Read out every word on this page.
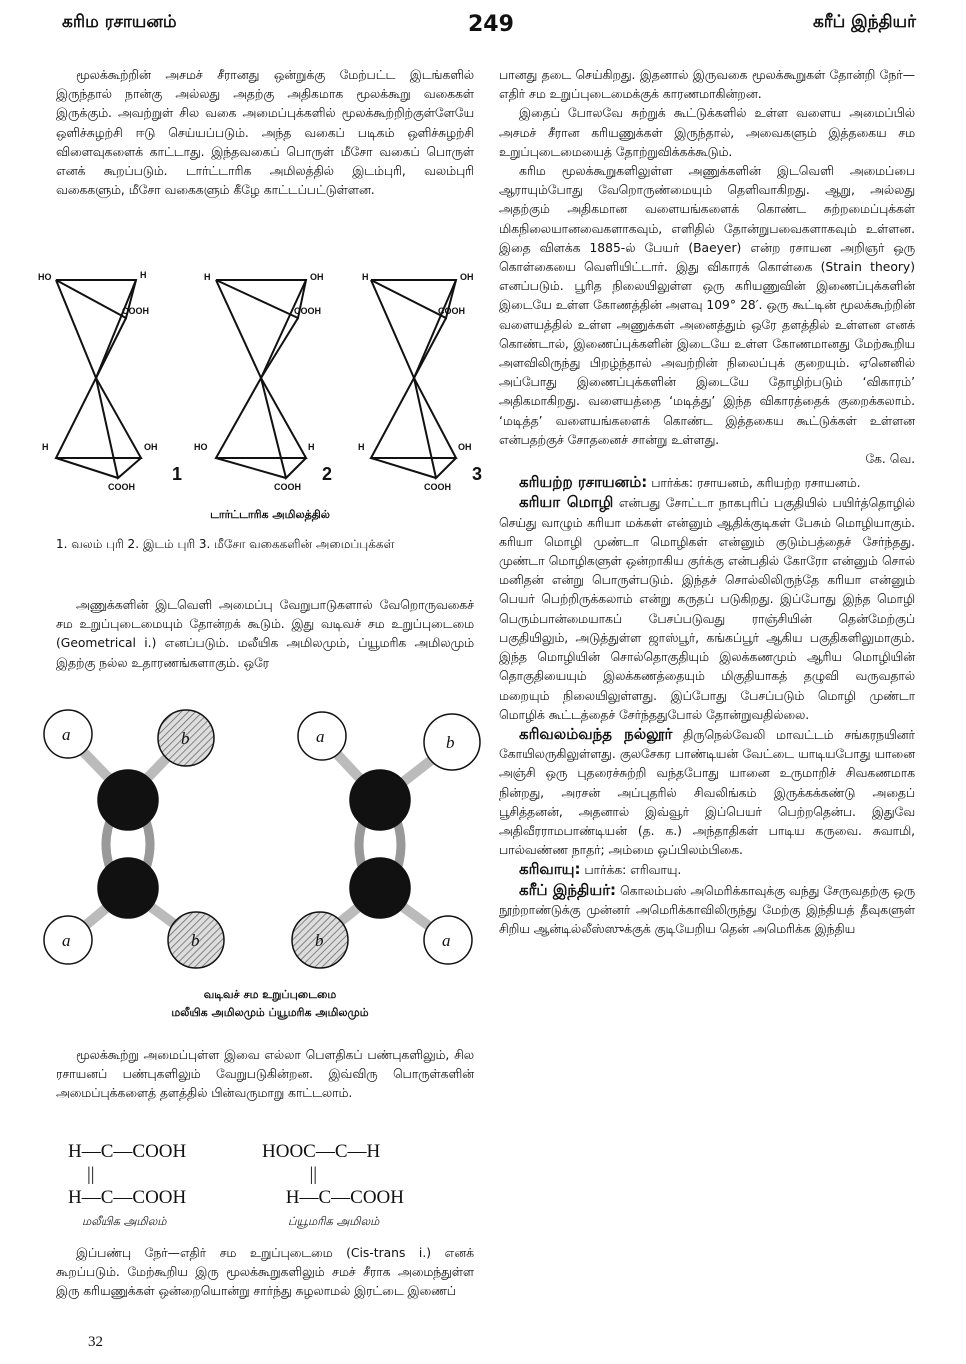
கரிம ரசாயனம்	249	கரீப் இந்தியர்

மூலக்கூற்றின் அசமச் சீரானது ஒன்றுக்கு மேற்பட்ட இடங்களில் இருந்தால் நான்கு அல்லது அதற்கு அதிகமாக மூலக்கூறு வகைகள் இருக்கும். அவற்றுள் சில வகை அமைப்புக்களில் மூலக்கூற்றிற்குள்ளேயே ஒளிச்சுழற்சி ஈடு செய்யப்படும். அந்த வகைப் படிகம் ஒளிச்சுழற்சி விளைவுகளைக் காட்டாது. இந்தவகைப் பொருள் மீசோ வகைப் பொருள் எனக் கூறப்படும். டார்ட்டாரிக அமிலத்தில் இடம்புரி, வலம்புரி வகைகளும், மீசோ வகைகளும் கீழே காட்டப்பட்டுள்ளன.

HO	H
COOH
H	OH
COOH
1
H	OH
COOH
HO	H
COOH
2
H	OH
COOH
H	OH
COOH
3
டார்ட்டாரிக அமிலத்தில்
1. வலம் புரி 2. இடம் புரி 3. மீசோ வகைகளின் அமைப்புக்கள்

அணுக்களின் இடவெளி அமைப்பு வேறுபாடுகளால் வேறொருவகைச் சம உறுப்புடைமையும் தோன்றக் கூடும். இது வடிவச் சம உறுப்புடைமை (Geometrical i.) எனப்படும். மலீயிக அமிலமும், ப்யூமரிக அமிலமும் இதற்கு நல்ல உதாரணங்களாகும். ஒரே

a	b
a	b
a	b
b	a
வடிவச் சம உறுப்புடைமை
மலீயிக அமிலமும் ப்யூமரிக அமிலமும்

மூலக்கூற்று அமைப்புள்ள இவை எல்லா பௌதிகப் பண்புகளிலும், சில ரசாயனப் பண்புகளிலும் வேறுபடுகின்றன. இவ்விரு பொருள்களின் அமைப்புக்களைத் தளத்தில் பின்வருமாறு காட்டலாம்.

H—C—COOH
||
H—C—COOH
HOOC—C—H
||
H—C—COOH
மலீயிக அமிலம்	ப்யூமரிக அமிலம்

இப்பண்பு நேர்—எதிர் சம உறுப்புடைமை (Cis-trans i.) எனக் கூறப்படும். மேற்கூறிய இரு மூலக்கூறுகளிலும் சமச் சீராக அமைந்துள்ள இரு கரியணுக்கள் ஒன்றையொன்று சார்ந்து சுழலாமல் இரட்டை இணைப்

32

பானது தடை செய்கிறது. இதனால் இருவகை மூலக்கூறுகள் தோன்றி நேர்—எதிர் சம உறுப்புடைமைக்குக் காரணமாகின்றன.

இதைப் போலவே சுற்றுக் கூட்டுக்களில் உள்ள வளைய அமைப்பில் அசமச் சீரான கரியணுக்கள் இருந்தால், அவைகளும் இத்தகைய சம உறுப்புடைமையைத் தோற்றுவிக்கக்கூடும்.

கரிம மூலக்கூறுகளிலுள்ள அணுக்களின் இடவெளி அமைப்பை ஆராயும்போது வேறொருண்மையும் தெளிவாகிறது. ஆறு, அல்லது அதற்கும் அதிகமான வளையங்களைக் கொண்ட சுற்றமைப்புக்கள் மிகநிலையானவைகளாகவும், எளிதில் தோன்றுபவைகளாகவும் உள்ளன. இதை விளக்க 1885-ல் பேயர் (Baeyer) என்ற ரசாயன அறிஞர் ஒரு கொள்கையை வெளியிட்டார். இது விகாரக் கொள்கை (Strain theory) எனப்படும். பூரித நிலையிலுள்ள ஒரு கரியணுவின் இணைப்புக்களின் இடையே உள்ள கோணத்தின் அளவு 109° 28′. ஒரு கூட்டின் மூலக்கூற்றின் வளையத்தில் உள்ள அணுக்கள் அனைத்தும் ஒரே தளத்தில் உள்ளன எனக் கொண்டால், இணைப்புக்களின் இடையே உள்ள கோணமானது மேற்கூறிய அளவிலிருந்து பிறழ்ந்தால் அவற்றின் நிலைப்புக் குறையும். ஏனெனில் அப்போது இணைப்புக்களின் இடையே தோழிற்படும் ‘விகாரம்’ அதிகமாகிறது. வளையத்தை ‘மடித்து’ இந்த விகாரத்தைக் குறைக்கலாம். ‘மடித்த’ வளையங்களைக் கொண்ட இத்தகைய கூட்டுக்கள் உள்ளன என்பதற்குச் சோதனைச் சான்று உள்ளது.

கே. வெ.

கரியற்ற ரசாயனம்: பார்க்க: ரசாயனம், கரியற்ற ரசாயனம்.

கரியா மொழி என்பது சோட்டா நாகபுரிப் பகுதியில் பயிர்த்தொழில் செய்து வாழும் கரியா மக்கள் என்னும் ஆதிக்குடிகள் பேசும் மொழியாகும். கரியா மொழி முண்டா மொழிகள் என்னும் குடும்பத்தைச் சேர்ந்தது. முண்டா மொழிகளுள் ஒன்றாகிய குர்க்கு என்பதில் கோரோ என்னும் சொல் மனிதன் என்று பொருள்படும். இந்தச் சொல்லிலிருந்தே கரியா என்னும் பெயர் பெற்றிருக்கலாம் என்று கருதப் படுகிறது. இப்போது இந்த மொழி பெரும்பான்மையாகப் பேசப்படுவது ராஞ்சியின் தென்மேற்குப் பகுதியிலும், அடுத்துள்ள ஜாஸ்பூர், கங்கப்பூர் ஆகிய பகுதிகளிலுமாகும். இந்த மொழியின் சொல்தொகுதியும் இலக்கணமும் ஆரிய மொழியின் தொகுதியையும் இலக்கணத்தையும் மிகுதியாகத் தழுவி வருவதால் மறையும் நிலையிலுள்ளது. இப்போது பேசப்படும் மொழி முண்டா மொழிக் கூட்டத்தைச் சேர்ந்ததுபோல் தோன்றுவதில்லை.

கரிவலம்வந்த நல்லூர் திருநெல்வேலி மாவட்டம் சங்கரநயினர் கோயிலருகிலுள்ளது. குலசேகர பாண்டியன் வேட்டை யாடியபோது யானை அஞ்சி ஒரு புதரைச்சுற்றி வந்தபோது யானை உருமாறிச் சிவகணமாக நின்றது, அரசன் அப்புதரில் சிவலிங்கம் இருக்கக்கண்டு அதைப் பூசித்தனன், அதனால் இவ்வூர் இப்பெயர் பெற்றதென்ப. இதுவே அதிவீரராமபாண்டியன் (த. க.) அந்தாதிகள் பாடிய கருவை. சுவாமி, பால்வண்ண நாதர்; அம்மை ஒப்பிலம்பிகை.

கரிவாயு: பார்க்க: எரிவாயு.

கரீப் இந்தியர்: கொலம்பஸ் அமெரிக்காவுக்கு வந்து சேருவதற்கு ஒரு நூற்றாண்டுக்கு முன்னர் அமெரிக்காவிலிருந்து மேற்கு இந்தியத் தீவுகளுள் சிறிய ஆன்டில்லீஸ்ஸுக்குக் குடியேறிய தென் அமெரிக்க இந்திய
